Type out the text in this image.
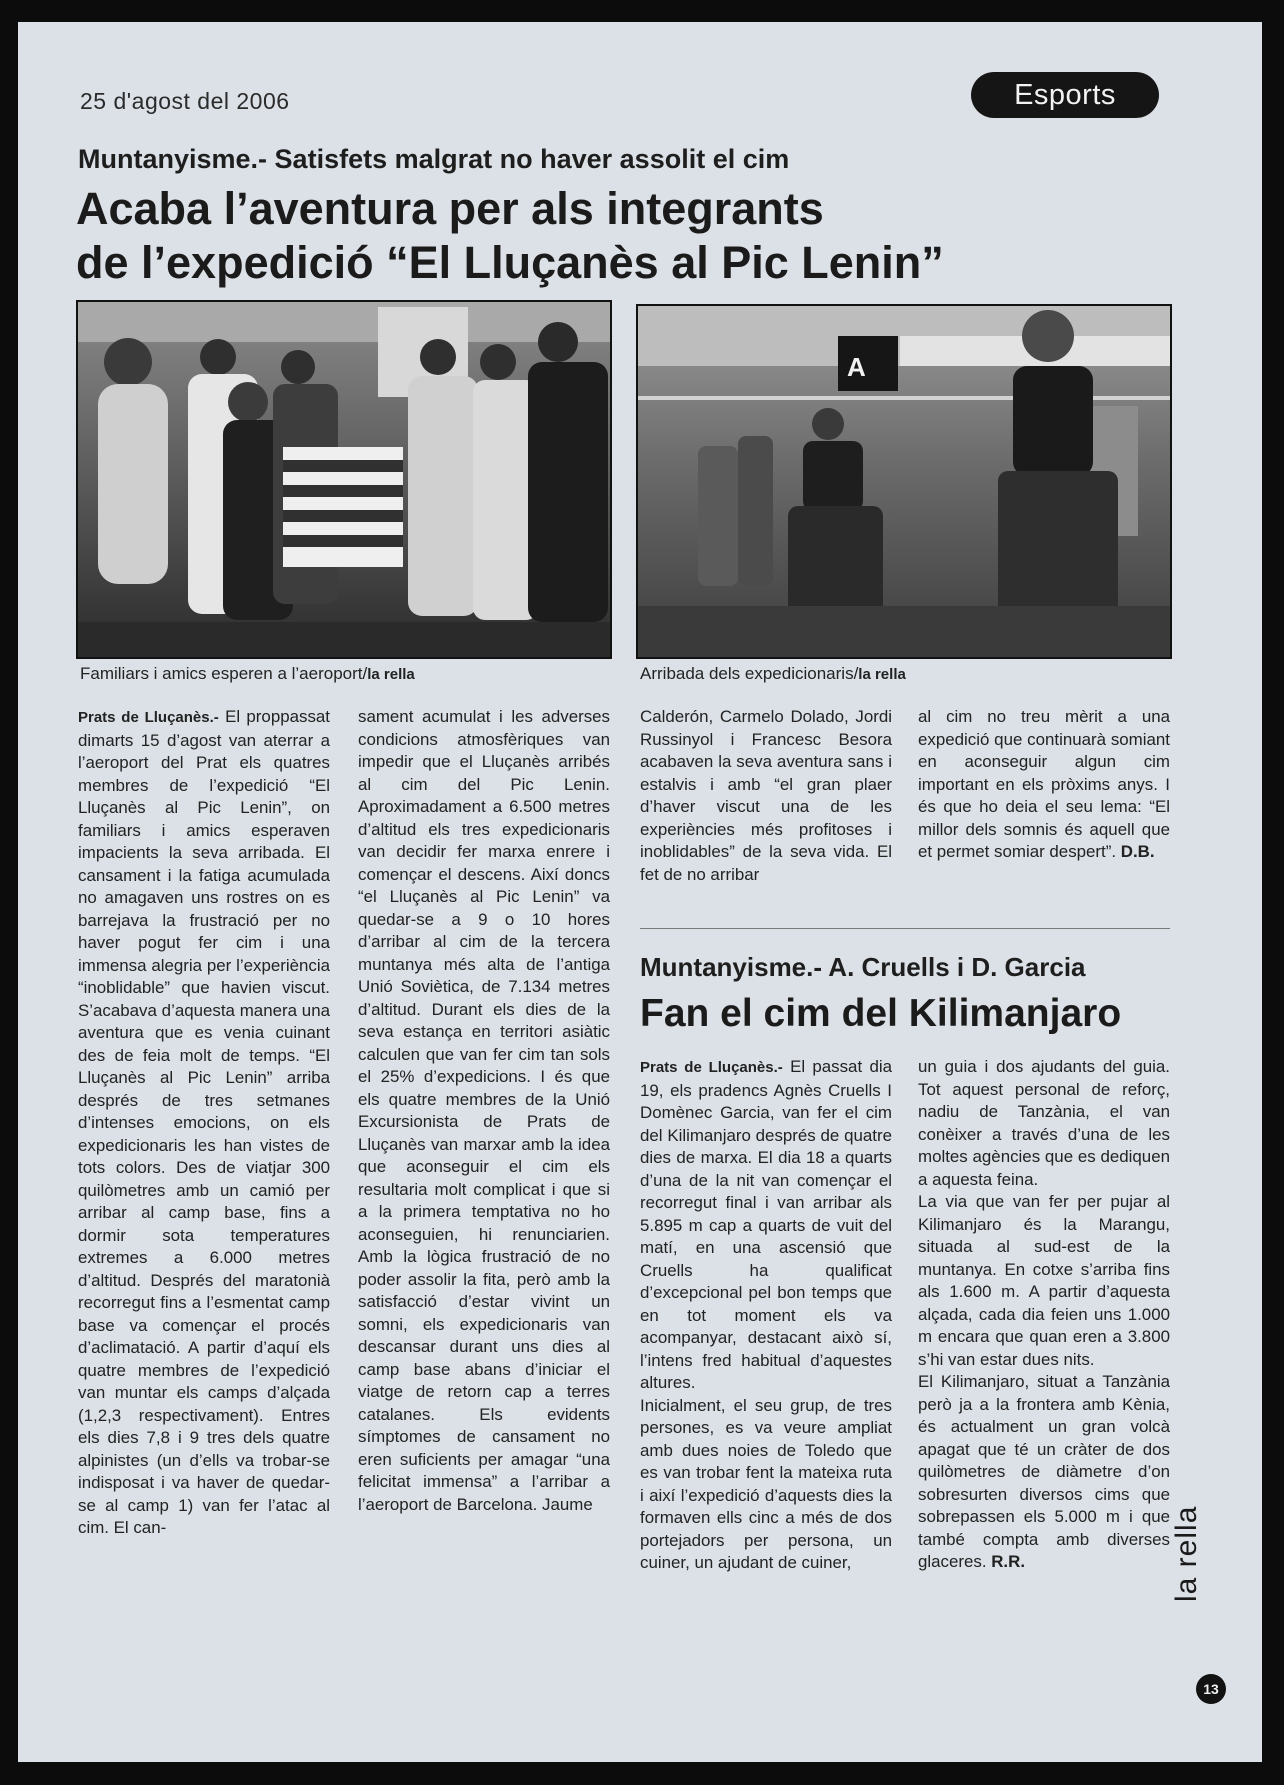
25 d'agost del 2006	Esports
Muntanyisme.- Satisfets malgrat no haver assolit el cim
Acaba l’aventura per als integrants
de l’expedició “El Lluçanès al Pic Lenin”
A
Familiars i amics esperen a l’aeroport/la rella	Arribada dels expedicionaris/la rella

Prats de Lluçanès.- El proppassat dimarts 15 d’agost van aterrar a l’aeroport del Prat els quatres membres de l’expedició “El Lluçanès al Pic Lenin”, on familiars i amics esperaven impacients la seva arribada. El cansament i la fatiga acumulada no amagaven uns rostres on es barrejava la frustració per no haver pogut fer cim i una immensa alegria per l’experiència “inoblidable” que havien viscut. S’acabava d’aquesta manera una aventura que es venia cuinant des de feia molt de temps. “El Lluçanès al Pic Lenin” arriba després de tres setmanes d’intenses emocions, on els expedicionaris les han vistes de tots colors. Des de viatjar 300 quilòmetres amb un camió per arribar al camp base, fins a dormir sota temperatures extremes a 6.000 metres d’altitud. Després del maratonià recorregut fins a l’esmentat camp base va començar el procés d’aclimatació. A partir d’aquí els quatre membres de l’expedició van muntar els camps d’alçada (1,2,3 respectivament). Entres els dies 7,8 i 9 tres dels quatre alpinistes (un d’ells va trobar-se indisposat i va haver de quedar-se al camp 1) van fer l’atac al cim. El can-

sament acumulat i les adverses condicions atmosfèriques van impedir que el Lluçanès arribés al cim del Pic Lenin. Aproximadament a 6.500 metres d’altitud els tres expedicionaris van decidir fer marxa enrere i començar el descens. Així doncs “el Lluçanès al Pic Lenin” va quedar-se a 9 o 10 hores d’arribar al cim de la tercera muntanya més alta de l’antiga Unió Soviètica, de 7.134 metres d’altitud. Durant els dies de la seva estança en territori asiàtic calculen que van fer cim tan sols el 25% d’expedicions. I és que els quatre membres de la Unió Excursionista de Prats de Lluçanès van marxar amb la idea que aconseguir el cim els resultaria molt complicat i que si a la primera temptativa no ho aconseguien, hi renunciarien. Amb la lògica frustració de no poder assolir la fita, però amb la satisfacció d’estar vivint un somni, els expedicionaris van descansar durant uns dies al camp base abans d’iniciar el viatge de retorn cap a terres catalanes. Els evidents símptomes de cansament no eren suficients per amagar “una felicitat immensa” a l’arribar a l’aeroport de Barcelona. Jaume

Calderón, Carmelo Dolado, Jordi Russinyol i Francesc Besora acabaven la seva aventura sans i estalvis i amb “el gran plaer d’haver viscut una de les experiències més profitoses i inoblidables” de la seva vida. El fet de no arribar

al cim no treu mèrit a una expedició que continuarà somiant en aconseguir algun cim important en els pròxims anys. I és que ho deia el seu lema: “El millor dels somnis és aquell que et permet somiar despert”. D.B.

Muntanyisme.- A. Cruells i D. Garcia
Fan el cim del Kilimanjaro

Prats de Lluçanès.- El passat dia 19, els pradencs Agnès Cruells I Domènec Garcia, van fer el cim del Kilimanjaro després de quatre dies de marxa. El dia 18 a quarts d’una de la nit van començar el recorregut final i van arribar als 5.895 m cap a quarts de vuit del matí, en una ascensió que Cruells ha qualificat d’excepcional pel bon temps que en tot moment els va acompanyar, destacant això sí, l’intens fred habitual d’aquestes altures.

Inicialment, el seu grup, de tres persones, es va veure ampliat amb dues noies de Toledo que es van trobar fent la mateixa ruta i així l’expedició d’aquests dies la formaven ells cinc a més de dos portejadors per persona, un cuiner, un ajudant de cuiner,

un guia i dos ajudants del guia. Tot aquest personal de reforç, nadiu de Tanzània, el van conèixer a través d’una de les moltes agències que es dediquen a aquesta feina.

La via que van fer per pujar al Kilimanjaro és la Marangu, situada al sud-est de la muntanya. En cotxe s’arriba fins als 1.600 m. A partir d’aquesta alçada, cada dia feien uns 1.000 m encara que quan eren a 3.800 s’hi van estar dues nits.

El Kilimanjaro, situat a Tanzània però ja a la frontera amb Kènia, és actualment un gran volcà apagat que té un cràter de dos quilòmetres de diàmetre d’on sobresurten diversos cims que sobrepassen els 5.000 m i que també compta amb diverses glaceres. R.R.	la rella
13
